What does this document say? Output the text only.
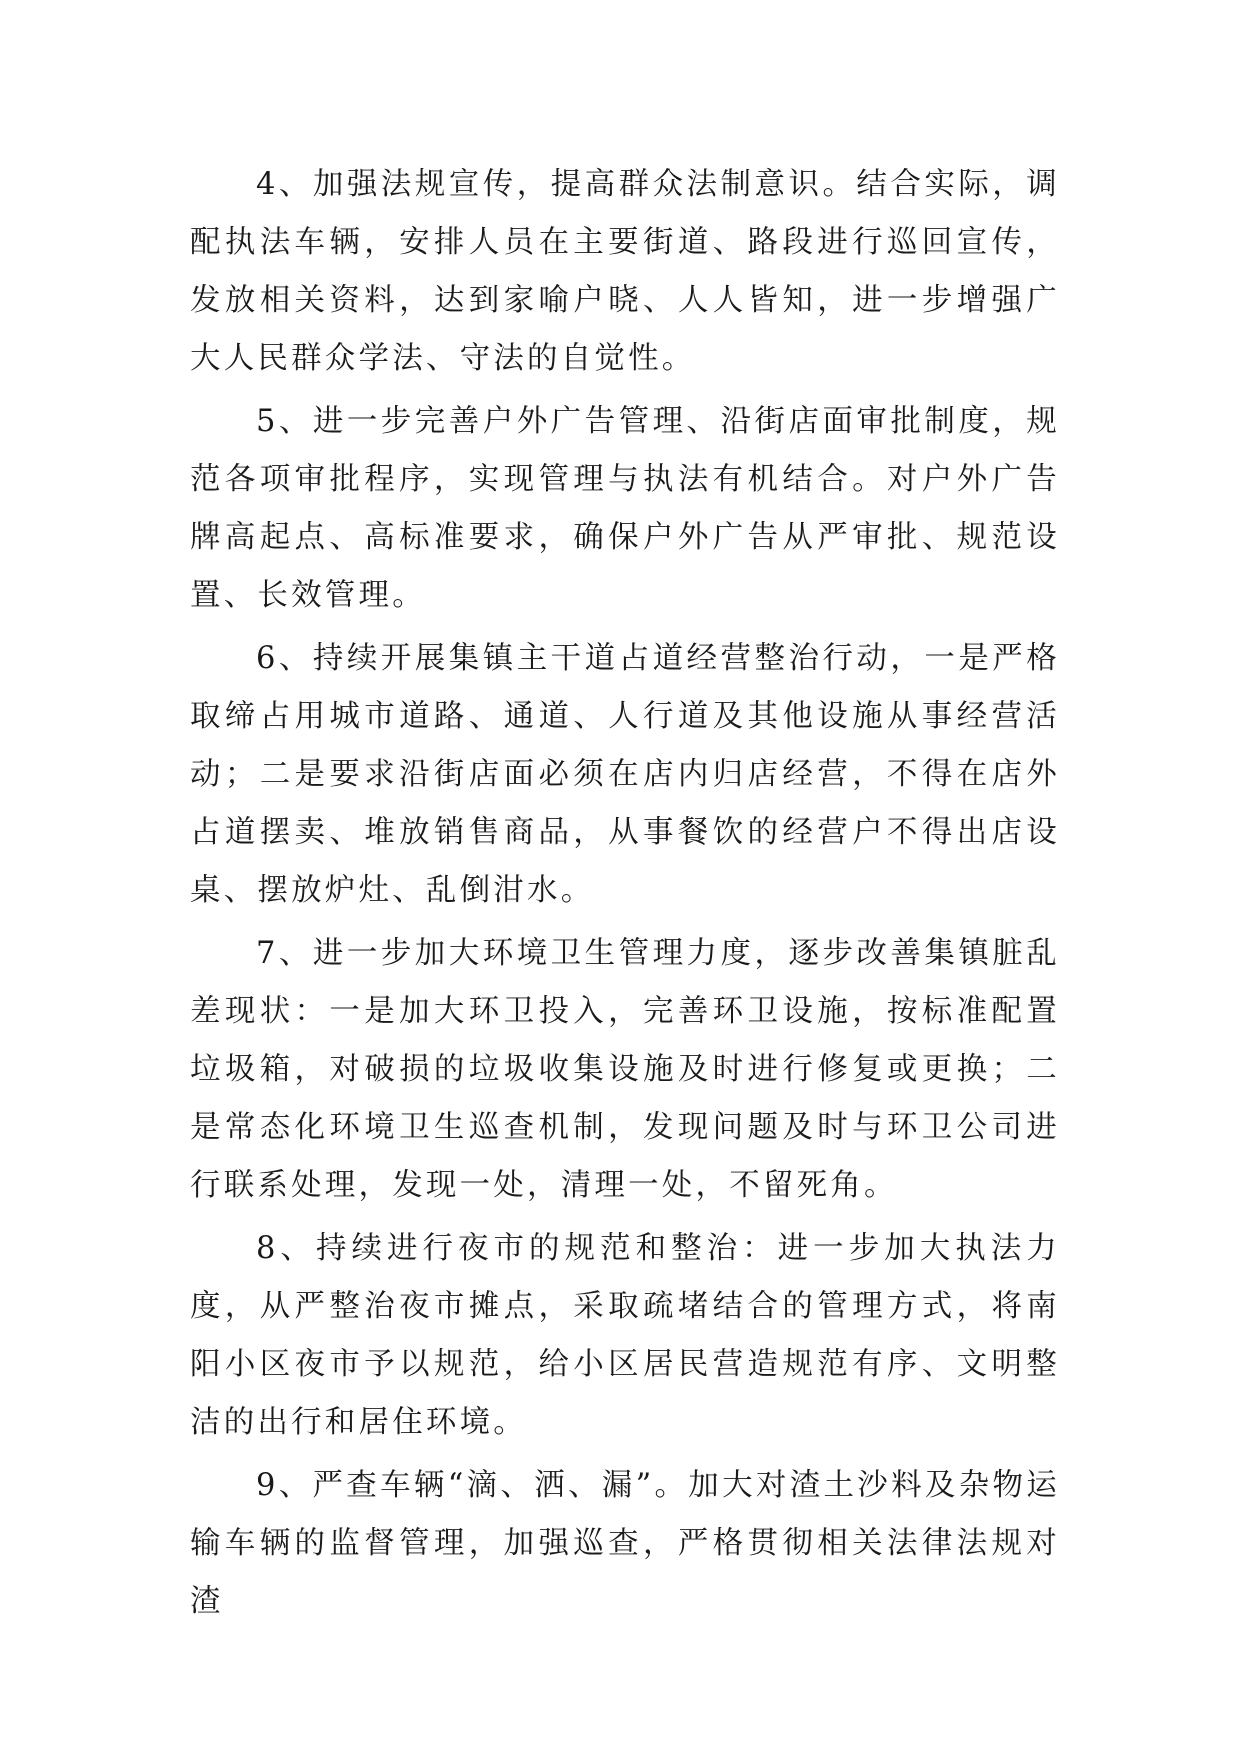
4、加强法规宣传，提高群众法制意识。结合实际，调配执法车辆，安排人员在主要街道、路段进行巡回宣传，发放相关资料，达到家喻户晓、人人皆知，进一步增强广大人民群众学法、守法的自觉性。

5、进一步完善户外广告管理、沿街店面审批制度，规范各项审批程序，实现管理与执法有机结合。对户外广告牌高起点、高标准要求，确保户外广告从严审批、规范设置、长效管理。

6、持续开展集镇主干道占道经营整治行动，一是严格取缔占用城市道路、通道、人行道及其他设施从事经营活动；二是要求沿街店面必须在店内归店经营，不得在店外占道摆卖、堆放销售商品，从事餐饮的经营户不得出店设桌、摆放炉灶、乱倒泔水。

7、进一步加大环境卫生管理力度，逐步改善集镇脏乱差现状：一是加大环卫投入，完善环卫设施，按标准配置垃圾箱，对破损的垃圾收集设施及时进行修复或更换；二是常态化环境卫生巡查机制，发现问题及时与环卫公司进行联系处理，发现一处，清理一处，不留死角。

8、持续进行夜市的规范和整治：进一步加大执法力度，从严整治夜市摊点，采取疏堵结合的管理方式，将南阳小区夜市予以规范，给小区居民营造规范有序、文明整洁的出行和居住环境。

9、严查车辆“滴、洒、漏”。加大对渣土沙料及杂物运输车辆的监督管理，加强巡查，严格贯彻相关法律法规对渣
